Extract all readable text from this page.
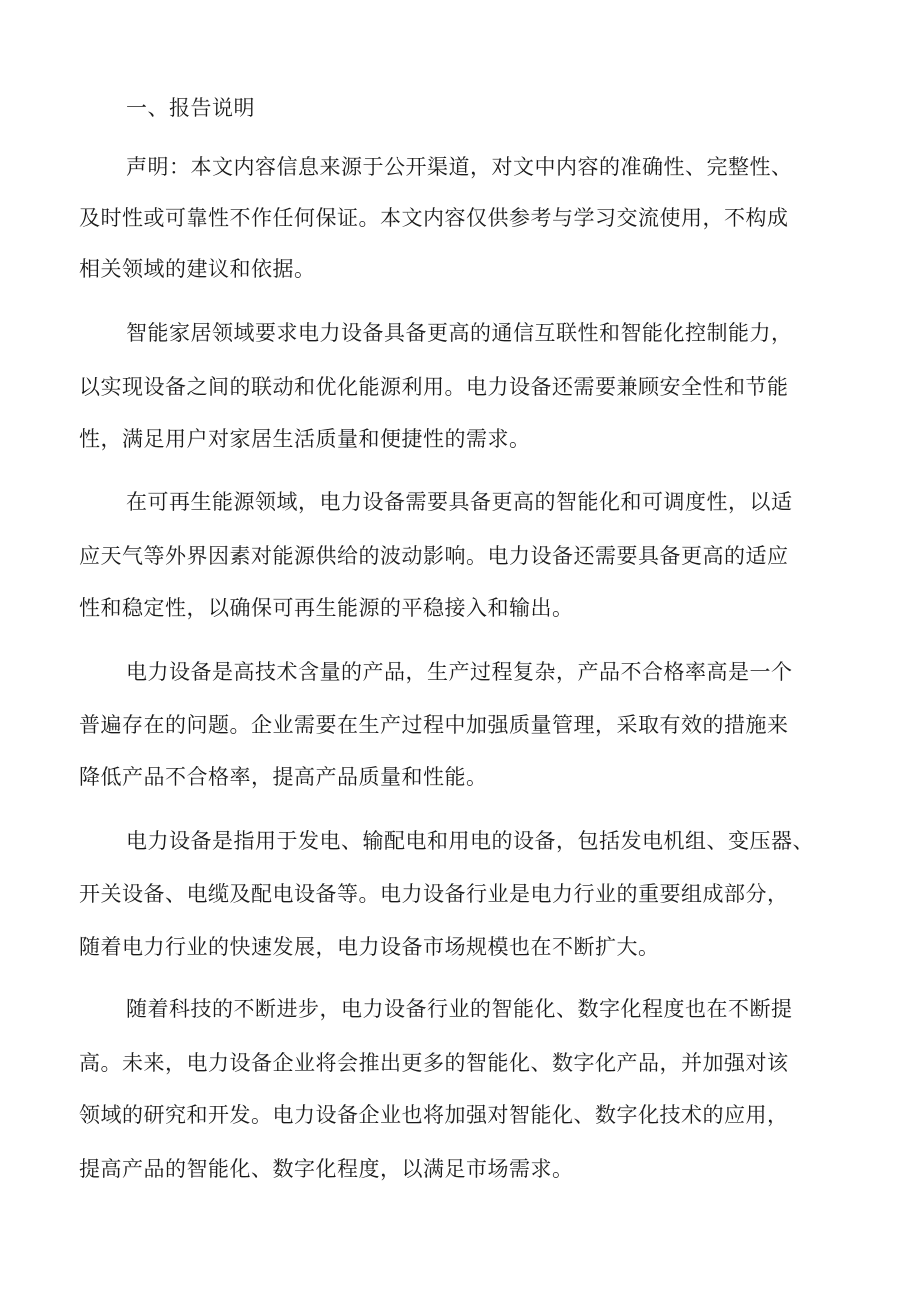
一、报告说明
声明：本文内容信息来源于公开渠道，对文中内容的准确性、完整性、
及时性或可靠性不作任何保证。本文内容仅供参考与学习交流使用，不构成
相关领域的建议和依据。
智能家居领域要求电力设备具备更高的通信互联性和智能化控制能力，
以实现设备之间的联动和优化能源利用。电力设备还需要兼顾安全性和节能
性，满足用户对家居生活质量和便捷性的需求。
在可再生能源领域，电力设备需要具备更高的智能化和可调度性，以适
应天气等外界因素对能源供给的波动影响。电力设备还需要具备更高的适应
性和稳定性，以确保可再生能源的平稳接入和输出。
电力设备是高技术含量的产品，生产过程复杂，产品不合格率高是一个
普遍存在的问题。企业需要在生产过程中加强质量管理，采取有效的措施来
降低产品不合格率，提高产品质量和性能。
电力设备是指用于发电、输配电和用电的设备，包括发电机组、变压器、
开关设备、电缆及配电设备等。电力设备行业是电力行业的重要组成部分，
随着电力行业的快速发展，电力设备市场规模也在不断扩大。
随着科技的不断进步，电力设备行业的智能化、数字化程度也在不断提
高。未来，电力设备企业将会推出更多的智能化、数字化产品，并加强对该
领域的研究和开发。电力设备企业也将加强对智能化、数字化技术的应用，
提高产品的智能化、数字化程度，以满足市场需求。
